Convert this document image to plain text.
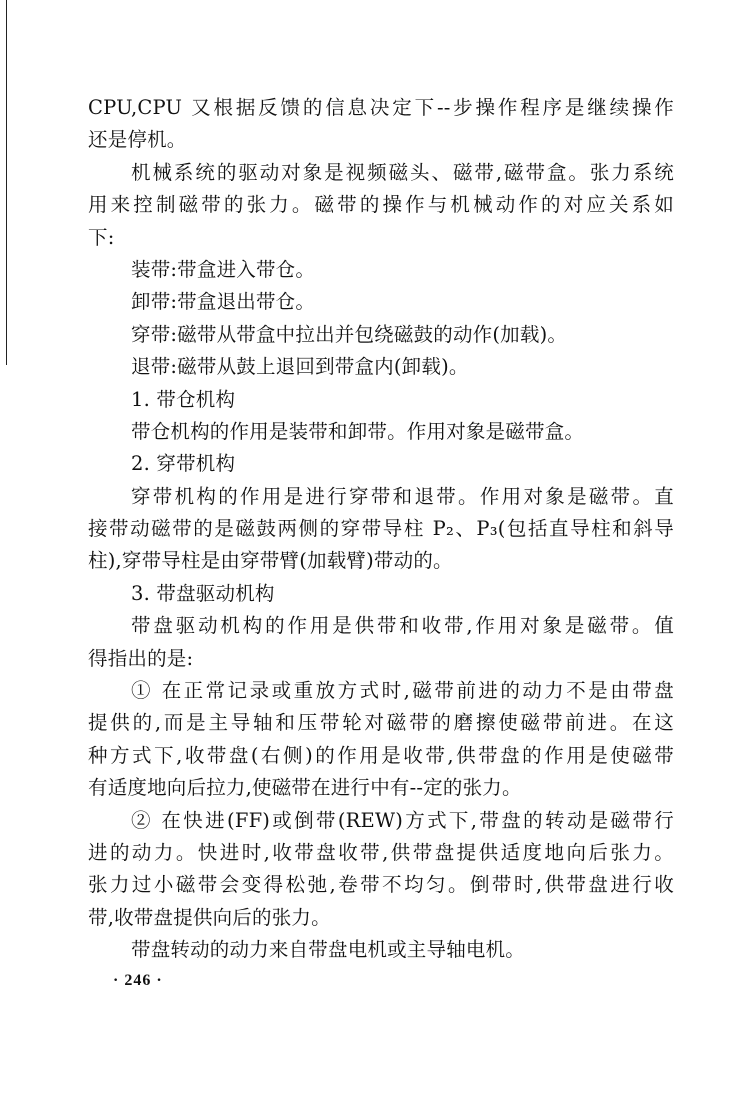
CPU,CPU 又根据反馈的信息决定下--步操作程序是继续操作
还是停机。
机械系统的驱动对象是视频磁头、磁带,磁带盒。张力系统
用来控制磁带的张力。磁带的操作与机械动作的对应关系如
下:
装带:带盒进入带仓。
卸带:带盒退出带仓。
穿带:磁带从带盒中拉出并包绕磁鼓的动作(加载)。
退带:磁带从鼓上退回到带盒内(卸载)。
1. 带仓机构
带仓机构的作用是装带和卸带。作用对象是磁带盒。
2. 穿带机构
穿带机构的作用是进行穿带和退带。作用对象是磁带。直
接带动磁带的是磁鼓两侧的穿带导柱 P₂、P₃(包括直导柱和斜导
柱),穿带导柱是由穿带臂(加载臂)带动的。
3. 带盘驱动机构
带盘驱动机构的作用是供带和收带,作用对象是磁带。值
得指出的是:
① 在正常记录或重放方式时,磁带前进的动力不是由带盘
提供的,而是主导轴和压带轮对磁带的磨擦使磁带前进。在这
种方式下,收带盘(右侧)的作用是收带,供带盘的作用是使磁带
有适度地向后拉力,使磁带在进行中有--定的张力。
② 在快进(FF)或倒带(REW)方式下,带盘的转动是磁带行
进的动力。快进时,收带盘收带,供带盘提供适度地向后张力。
张力过小磁带会变得松弛,卷带不均匀。倒带时,供带盘进行收
带,收带盘提供向后的张力。
带盘转动的动力来自带盘电机或主导轴电机。
· 246 ·
